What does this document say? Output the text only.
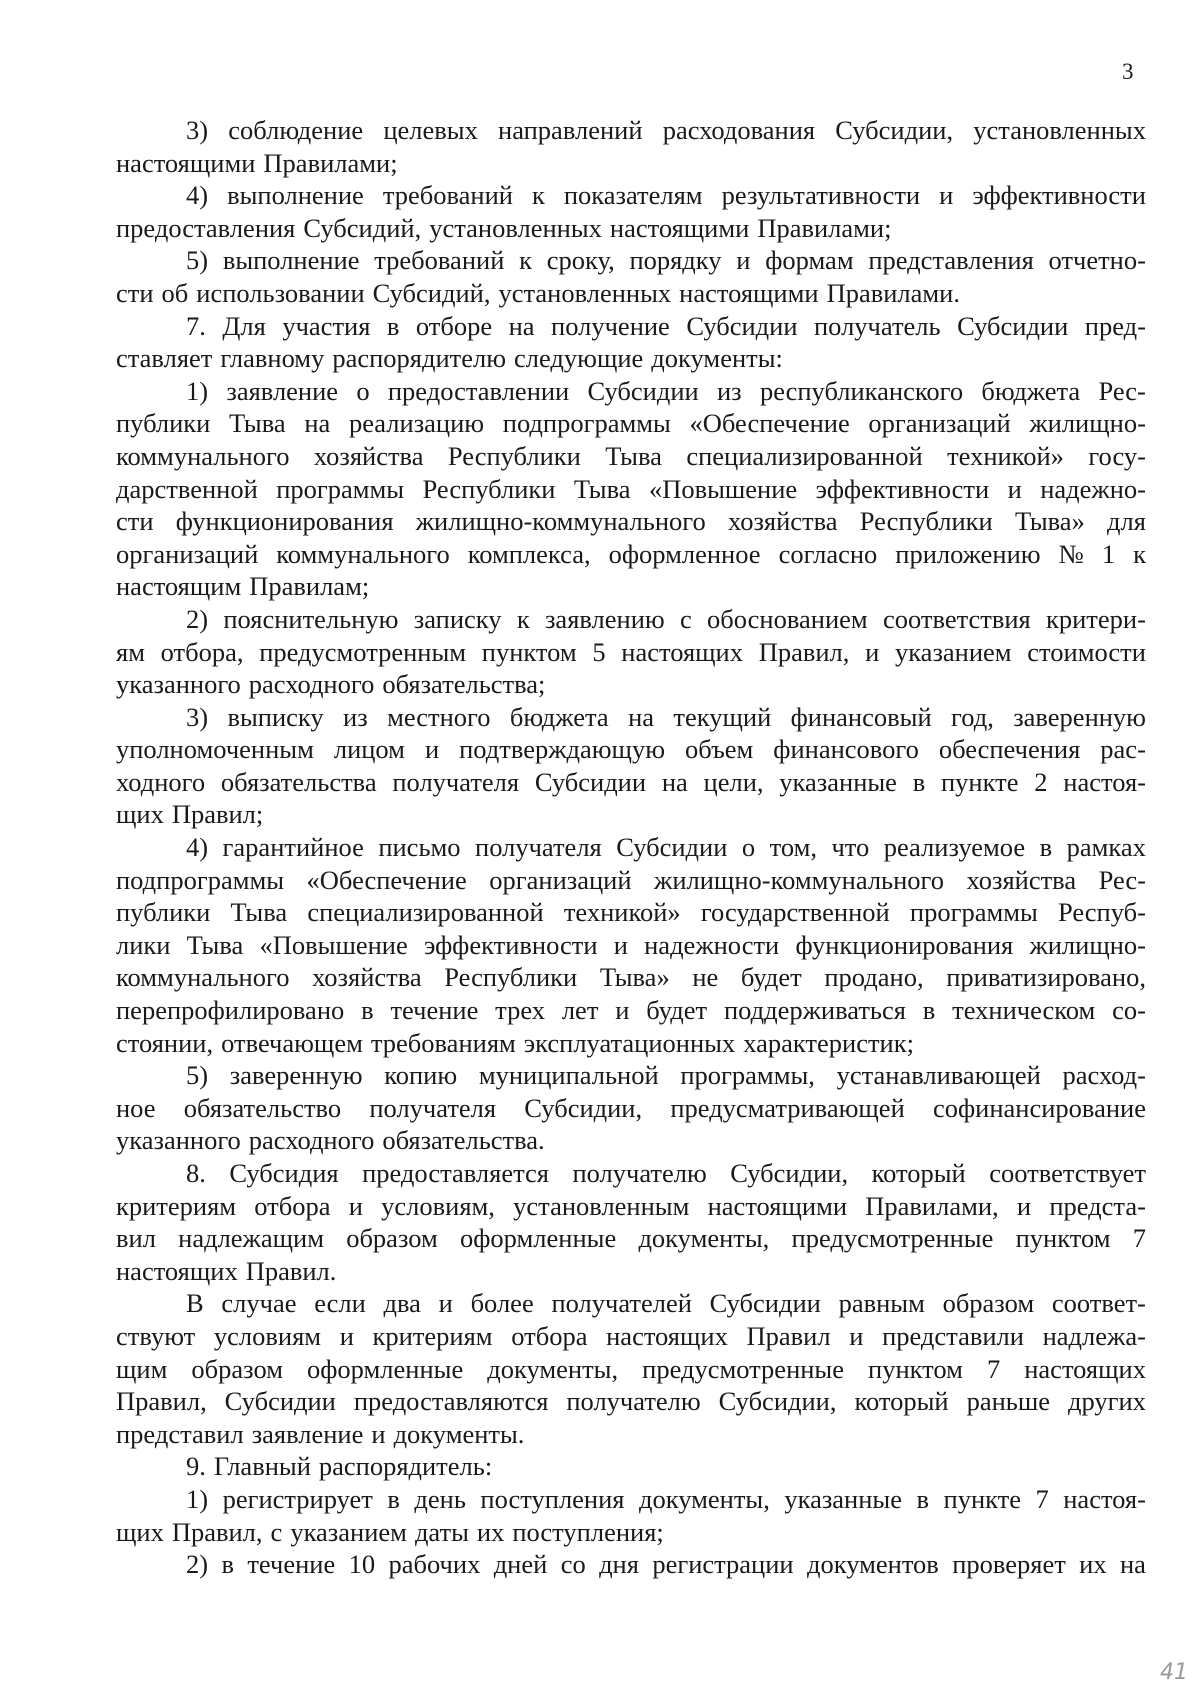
3
3) соблюдение целевых направлений расходования Субсидии, установленных
настоящими Правилами;
4) выполнение требований к показателям результативности и эффективности
предоставления Субсидий, установленных настоящими Правилами;
5) выполнение требований к сроку, порядку и формам представления отчетно-
сти об использовании Субсидий, установленных настоящими Правилами.
7. Для участия в отборе на получение Субсидии получатель Субсидии пред-
ставляет главному распорядителю следующие документы:
1) заявление о предоставлении Субсидии из республиканского бюджета Рес-
публики Тыва на реализацию подпрограммы «Обеспечение организаций жилищно-
коммунального хозяйства Республики Тыва специализированной техникой» госу-
дарственной программы Республики Тыва «Повышение эффективности и надежно-
сти функционирования жилищно-коммунального хозяйства Республики Тыва» для
организаций коммунального комплекса, оформленное согласно приложению № 1 к
настоящим Правилам;
2) пояснительную записку к заявлению с обоснованием соответствия критери-
ям отбора, предусмотренным пунктом 5 настоящих Правил, и указанием стоимости
указанного расходного обязательства;
3) выписку из местного бюджета на текущий финансовый год, заверенную
уполномоченным лицом и подтверждающую объем финансового обеспечения рас-
ходного обязательства получателя Субсидии на цели, указанные в пункте 2 настоя-
щих Правил;
4) гарантийное письмо получателя Субсидии о том, что реализуемое в рамках
подпрограммы «Обеспечение организаций жилищно-коммунального хозяйства Рес-
публики Тыва специализированной техникой» государственной программы Респуб-
лики Тыва «Повышение эффективности и надежности функционирования жилищно-
коммунального хозяйства Республики Тыва» не будет продано, приватизировано,
перепрофилировано в течение трех лет и будет поддерживаться в техническом со-
стоянии, отвечающем требованиям эксплуатационных характеристик;
5) заверенную копию муниципальной программы, устанавливающей расход-
ное обязательство получателя Субсидии, предусматривающей софинансирование
указанного расходного обязательства.
8. Субсидия предоставляется получателю Субсидии, который соответствует
критериям отбора и условиям, установленным настоящими Правилами, и предста-
вил надлежащим образом оформленные документы, предусмотренные пунктом 7
настоящих Правил.
В случае если два и более получателей Субсидии равным образом соответ-
ствуют условиям и критериям отбора настоящих Правил и представили надлежа-
щим образом оформленные документы, предусмотренные пунктом 7 настоящих
Правил, Субсидии предоставляются получателю Субсидии, который раньше других
представил заявление и документы.
9. Главный распорядитель:
1) регистрирует в день поступления документы, указанные в пункте 7 настоя-
щих Правил, с указанием даты их поступления;
2) в течение 10 рабочих дней со дня регистрации документов проверяет их на
41
